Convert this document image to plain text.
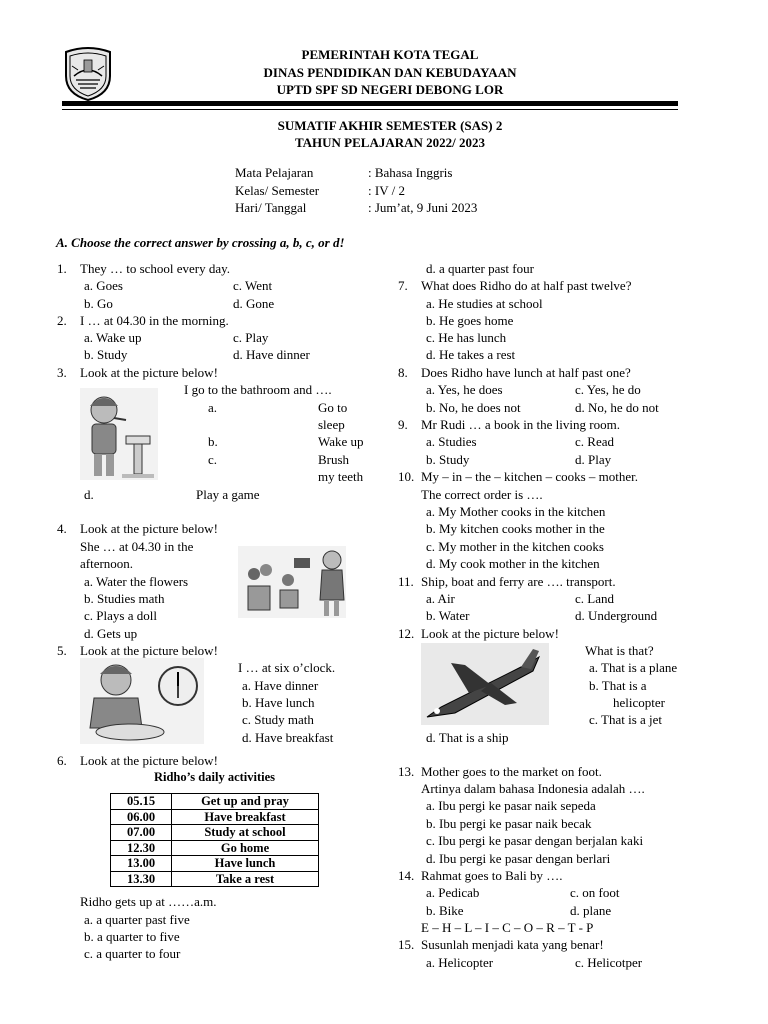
PEMERINTAH KOTA TEGAL
DINAS PENDIDIKAN DAN KEBUDAYAAN
UPTD SPF SD NEGERI DEBONG LOR
SUMATIF AKHIR SEMESTER (SAS) 2
TAHUN PELAJARAN 2022/ 2023
Mata Pelajaran	: Bahasa Inggris
Kelas/ Semester	: IV / 2
Hari/ Tanggal	: Jum’at, 9 Juni 2023
A. Choose the correct answer by crossing a, b, c, or d!
1. They … to school every day.
a. Goes	c. Went
b. Go	d. Gone
2. I … at 04.30 in the morning.
a. Wake up	c. Play
b. Study	d. Have dinner
3. Look at the picture below!
I go to the bathroom and ….
a.	Go to
sleep
b.	Wake up
c.	Brush
my teeth
d.	Play a game
4. Look at the picture below!
She … at 04.30 in the
afternoon.
a. Water the flowers
b. Studies math
c. Plays a doll
d. Gets up
5. Look at the picture below!
I … at six o’clock.
a. Have dinner
b. Have lunch
c. Study math
d. Have breakfast
6. Look at the picture below!
Ridho’s daily activities
05.15	Get up and pray
06.00	Have breakfast
07.00	Study at school
12.30	Go home
13.00	Have lunch
13.30	Take a rest
Ridho gets up at ……a.m.
a. a quarter past five
b. a quarter to five
c. a quarter to four
d. a quarter past four
7. What does Ridho do at half past twelve?
a. He studies at school
b. He goes home
c. He has lunch
d. He takes a rest
8. Does Ridho have lunch at half past one?
a. Yes, he does	c. Yes, he do
b. No, he does not	d. No, he do not
9. Mr Rudi … a book in the living room.
a. Studies	c. Read
b. Study	d. Play
10. My – in – the – kitchen – cooks – mother.
The correct order is ….
a. My Mother cooks in the kitchen
b. My kitchen cooks mother in the
c. My mother in the kitchen cooks
d. My cook mother in the kitchen
11. Ship, boat and ferry are …. transport.
a. Air	c. Land
b. Water	d. Underground
12. Look at the picture below!
What is that?
a. That is a plane
b. That is a
helicopter
c. That is a jet
d. That is a ship
13. Mother goes to the market on foot.
Artinya dalam bahasa Indonesia adalah ….
a. Ibu pergi ke pasar naik sepeda
b. Ibu pergi ke pasar naik becak
c. Ibu pergi ke pasar dengan berjalan kaki
d. Ibu pergi ke pasar dengan berlari
14. Rahmat goes to Bali by ….
a. Pedicab	c. on foot
b. Bike	d. plane
E – H – L – I – C – O – R – T - P
15. Susunlah menjadi kata yang benar!
a. Helicopter	c. Helicotper
